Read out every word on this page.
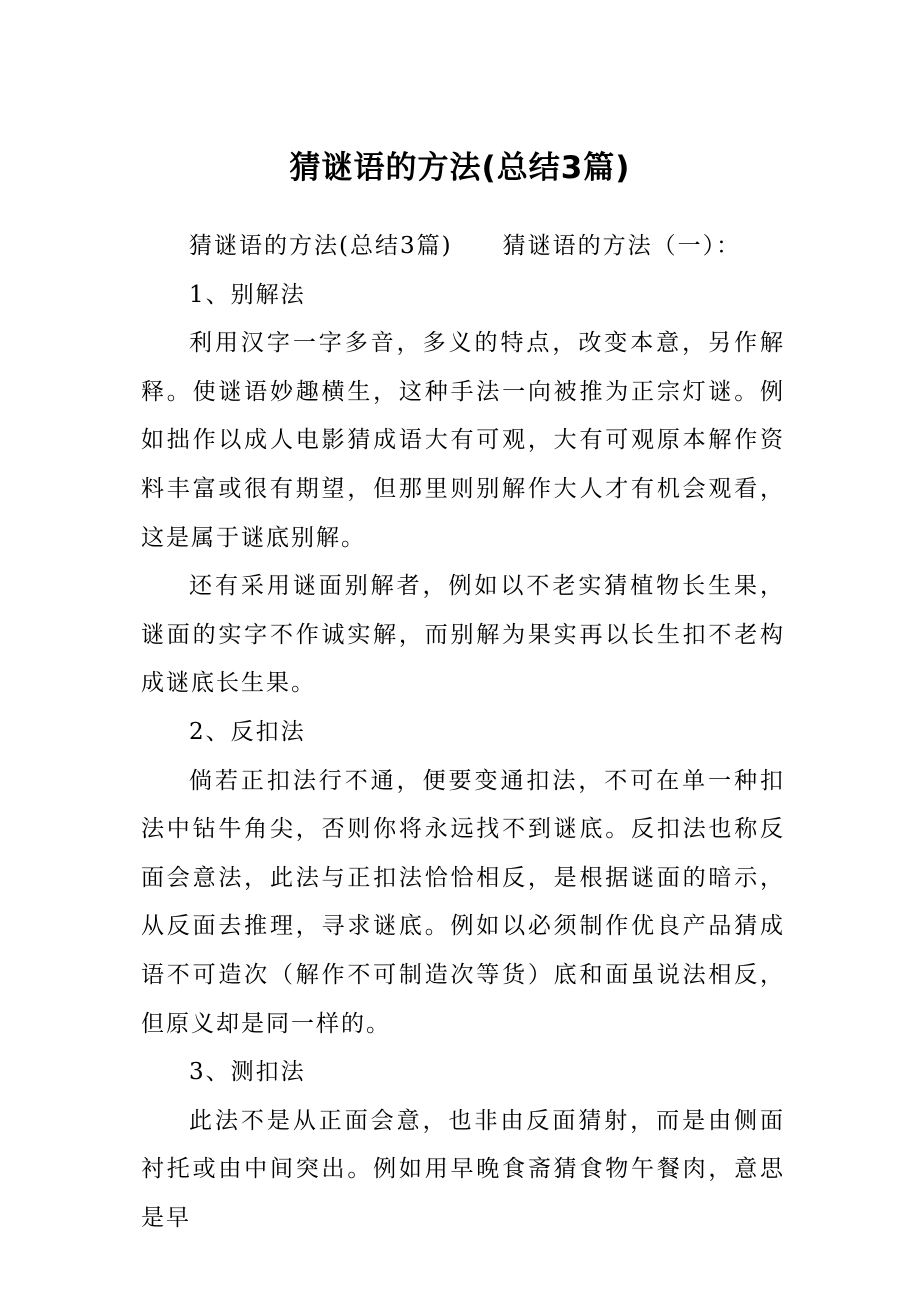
猜谜语的方法(总结3篇)

猜谜语的方法(总结3篇) 猜谜语的方法（一）：

1、别解法

利用汉字一字多音，多义的特点，改变本意，另作解释。使谜语妙趣横生，这种手法一向被推为正宗灯谜。例如拙作以成人电影猜成语大有可观，大有可观原本解作资料丰富或很有期望，但那里则别解作大人才有机会观看，这是属于谜底别解。

还有采用谜面别解者，例如以不老实猜植物长生果，谜面的实字不作诚实解，而别解为果实再以长生扣不老构成谜底长生果。

2、反扣法

倘若正扣法行不通，便要变通扣法，不可在单一种扣法中钻牛角尖，否则你将永远找不到谜底。反扣法也称反面会意法，此法与正扣法恰恰相反，是根据谜面的暗示，从反面去推理，寻求谜底。例如以必须制作优良产品猜成语不可造次（解作不可制造次等货）底和面虽说法相反，但原义却是同一样的。

3、测扣法

此法不是从正面会意，也非由反面猜射，而是由侧面衬托或由中间突出。例如用早晚食斋猜食物午餐肉，意思是早
